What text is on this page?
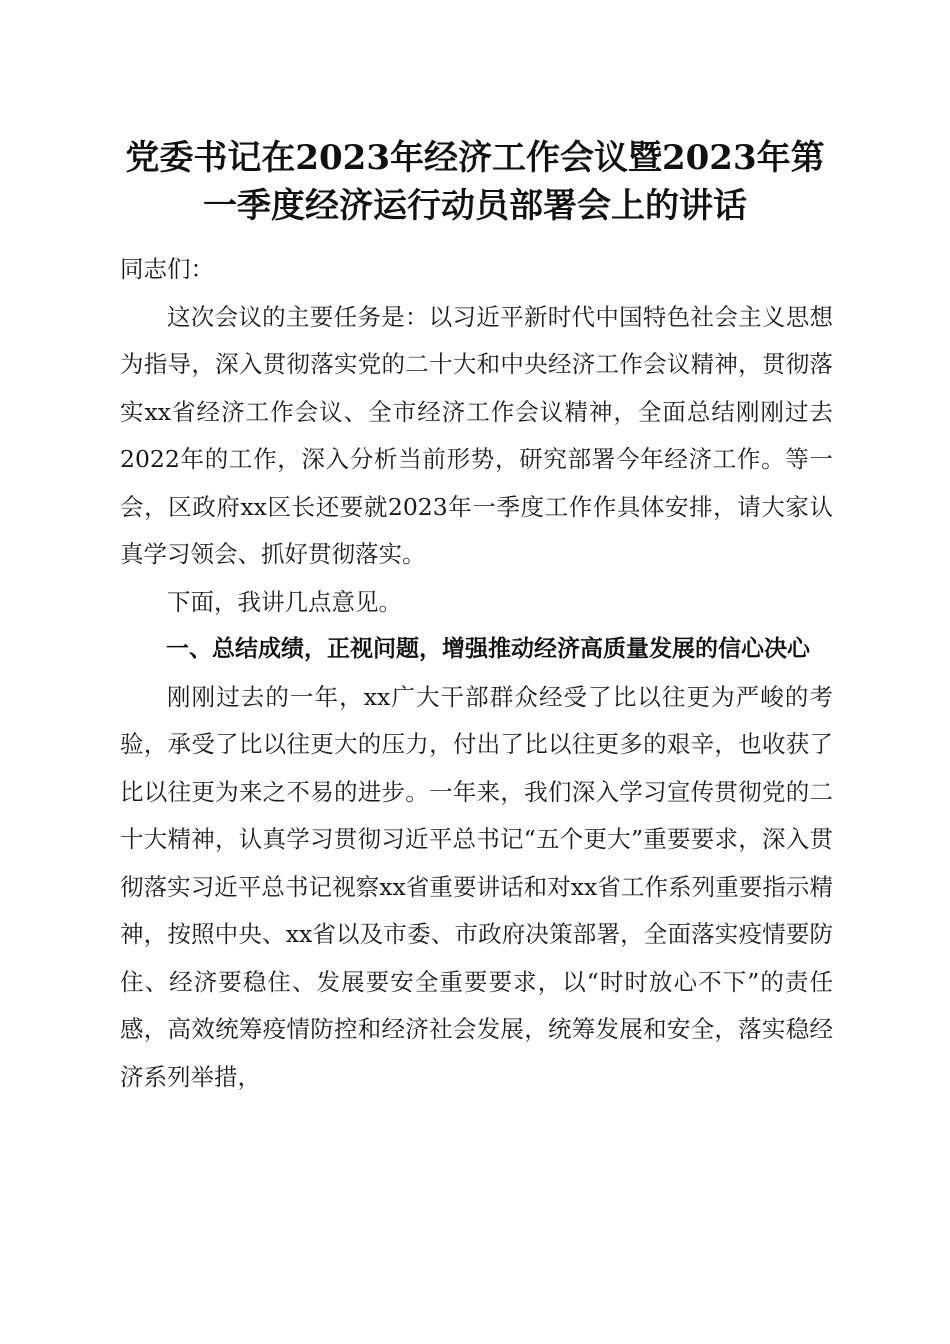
党委书记在2023年经济工作会议暨2023年第
一季度经济运行动员部署会上的讲话

同志们：

这次会议的主要任务是：以习近平新时代中国特色社会主义思想为指导，深入贯彻落实党的二十大和中央经济工作会议精神，贯彻落实xx省经济工作会议、全市经济工作会议精神，全面总结刚刚过去2022年的工作，深入分析当前形势，研究部署今年经济工作。等一会，区政府xx区长还要就2023年一季度工作作具体安排，请大家认真学习领会、抓好贯彻落实。

下面，我讲几点意见。

一、总结成绩，正视问题，增强推动经济高质量发展的信心决心

刚刚过去的一年，xx广大干部群众经受了比以往更为严峻的考验，承受了比以往更大的压力，付出了比以往更多的艰辛，也收获了比以往更为来之不易的进步。一年来，我们深入学习宣传贯彻党的二十大精神，认真学习贯彻习近平总书记“五个更大”重要要求，深入贯彻落实习近平总书记视察xx省重要讲话和对xx省工作系列重要指示精神，按照中央、xx省以及市委、市政府决策部署，全面落实疫情要防住、经济要稳住、发展要安全重要要求，以“时时放心不下”的责任感，高效统筹疫情防控和经济社会发展，统筹发展和安全，落实稳经济系列举措，
